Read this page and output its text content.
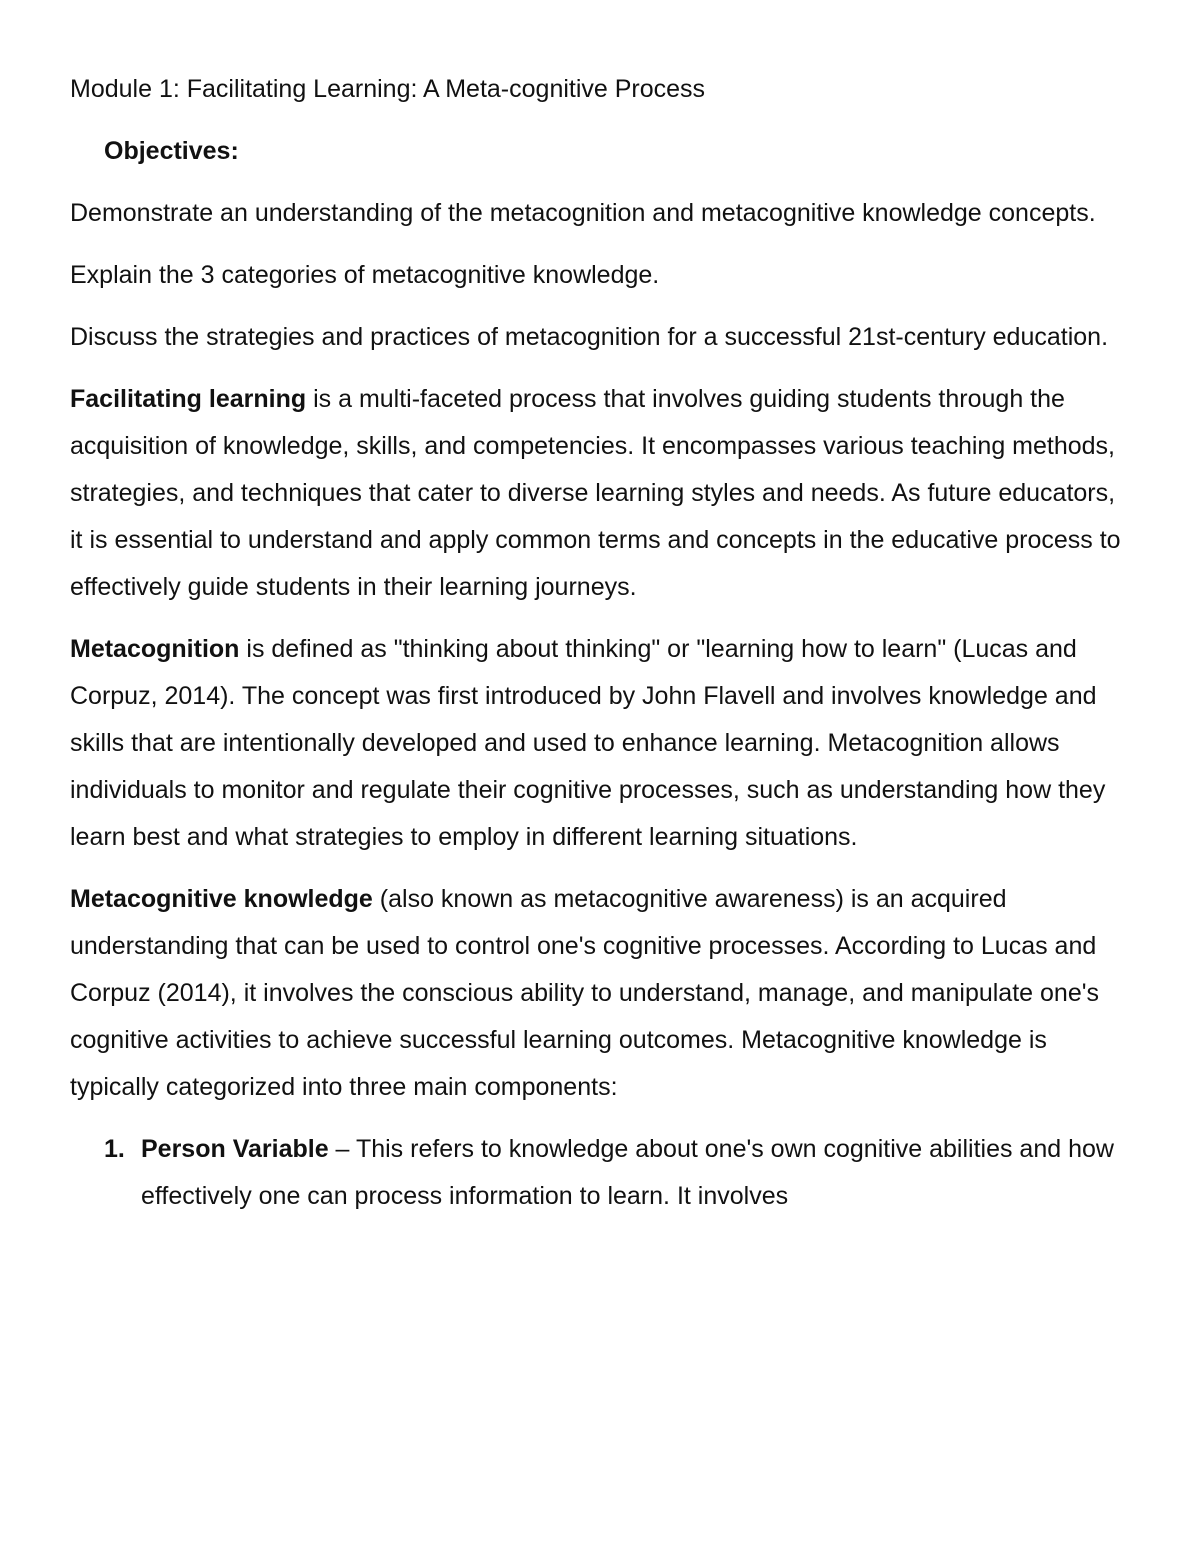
Module 1: Facilitating Learning: A Meta-cognitive Process

Objectives:

Demonstrate an understanding of the metacognition and metacognitive knowledge concepts.

Explain the 3 categories of metacognitive knowledge.

Discuss the strategies and practices of metacognition for a successful 21st-century education.

Facilitating learning is a multi-faceted process that involves guiding students through the acquisition of knowledge, skills, and competencies. It encompasses various teaching methods, strategies, and techniques that cater to diverse learning styles and needs. As future educators, it is essential to understand and apply common terms and concepts in the educative process to effectively guide students in their learning journeys.

Metacognition is defined as "thinking about thinking" or "learning how to learn" (Lucas and Corpuz, 2014). The concept was first introduced by John Flavell and involves knowledge and skills that are intentionally developed and used to enhance learning. Metacognition allows individuals to monitor and regulate their cognitive processes, such as understanding how they learn best and what strategies to employ in different learning situations.

Metacognitive knowledge (also known as metacognitive awareness) is an acquired understanding that can be used to control one's cognitive processes. According to Lucas and Corpuz (2014), it involves the conscious ability to understand, manage, and manipulate one's cognitive activities to achieve successful learning outcomes. Metacognitive knowledge is typically categorized into three main components:

1. Person Variable – This refers to knowledge about one's own cognitive abilities and how effectively one can process information to learn. It involves
